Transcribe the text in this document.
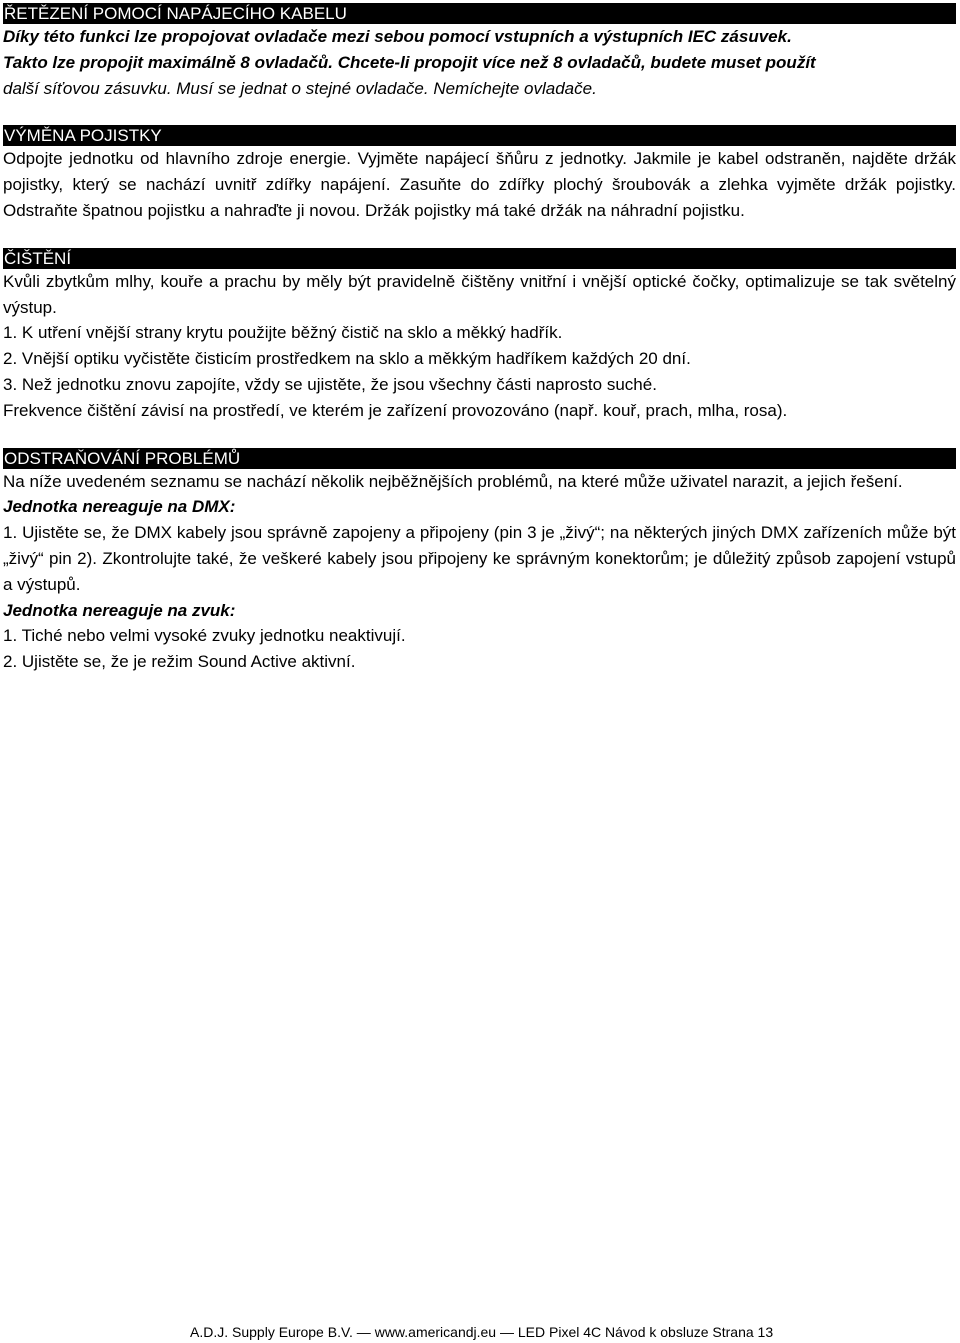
ŘETĚZENÍ POMOCÍ NAPÁJECÍHO KABELU

Díky této funkci lze propojovat ovladače mezi sebou pomocí vstupních a výstupních IEC zásuvek.

Takto lze propojit maximálně 8 ovladačů. Chcete-li propojit více než 8 ovladačů, budete muset použít

další síťovou zásuvku. Musí se jednat o stejné ovladače. Nemíchejte ovladače.

VÝMĚNA POJISTKY

Odpojte jednotku od hlavního zdroje energie. Vyjměte napájecí šňůru z jednotky. Jakmile je kabel odstraněn, najděte držák pojistky, který se nachází uvnitř zdířky napájení. Zasuňte do zdířky plochý šroubovák a zlehka vyjměte držák pojistky. Odstraňte špatnou pojistku a nahraďte ji novou. Držák pojistky má také držák na náhradní pojistku.

ČIŠTĚNÍ

Kvůli zbytkům mlhy, kouře a prachu by měly být pravidelně čištěny vnitřní i vnější optické čočky, optimalizuje se tak světelný výstup.

1. K utření vnější strany krytu použijte běžný čistič na sklo a měkký hadřík.

2. Vnější optiku vyčistěte čisticím prostředkem na sklo a měkkým hadříkem každých 20 dní.

3. Než jednotku znovu zapojíte, vždy se ujistěte, že jsou všechny části naprosto suché.

Frekvence čištění závisí na prostředí, ve kterém je zařízení provozováno (např. kouř, prach, mlha, rosa).

ODSTRAŇOVÁNÍ PROBLÉMŮ

Na níže uvedeném seznamu se nachází několik nejběžnějších problémů, na které může uživatel narazit, a jejich řešení.

Jednotka nereaguje na DMX:

1. Ujistěte se, že DMX kabely jsou správně zapojeny a připojeny (pin 3 je „živý“; na některých jiných DMX zařízeních může být „živý“ pin 2). Zkontrolujte také, že veškeré kabely jsou připojeny ke správným konektorům; je důležitý způsob zapojení vstupů a výstupů.

Jednotka nereaguje na zvuk:

1. Tiché nebo velmi vysoké zvuky jednotku neaktivují.

2. Ujistěte se, že je režim Sound Active aktivní.

A.D.J. Supply Europe B.V. — www.americandj.eu — LED Pixel 4C Návod k obsluze Strana 13
